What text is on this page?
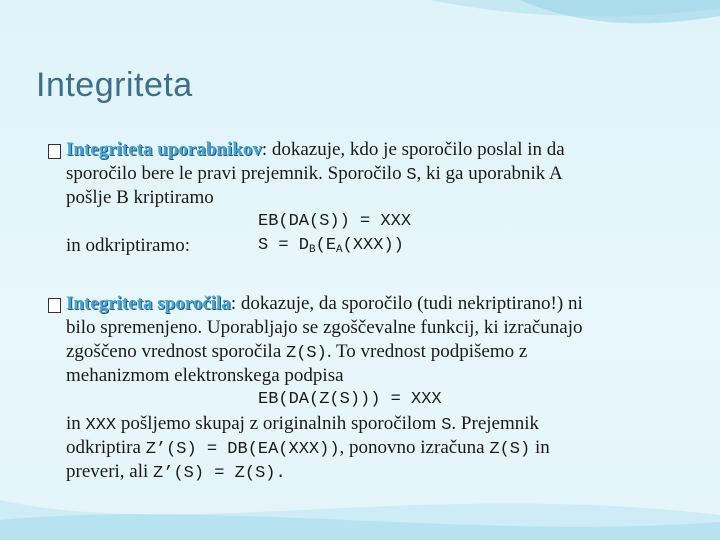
Integriteta
Integriteta uporabnikov: dokazuje, kdo je sporočilo poslal in da
sporočilo bere le pravi prejemnik. Sporočilo S, ki ga uporabnik A
pošlje B kriptiramo
EB(DA(S)) = XXX
in odkriptiramo:	$S = D_B(E_A(XXX))$
Integriteta sporočila: dokazuje, da sporočilo (tudi nekriptirano!) ni
bilo spremenjeno. Uporabljajo se zgoščevalne funkcij, ki izračunajo
zgoščeno vrednost sporočila Z(S). To vrednost podpišemo z
mehanizmom elektronskega podpisa
EB(DA(Z(S))) = XXX
in XXX pošljemo skupaj z originalnih sporočilom S. Prejemnik
odkriptira Z’(S) = DB(EA(XXX)), ponovno izračuna Z(S) in
preveri, ali Z’(S) = Z(S).
